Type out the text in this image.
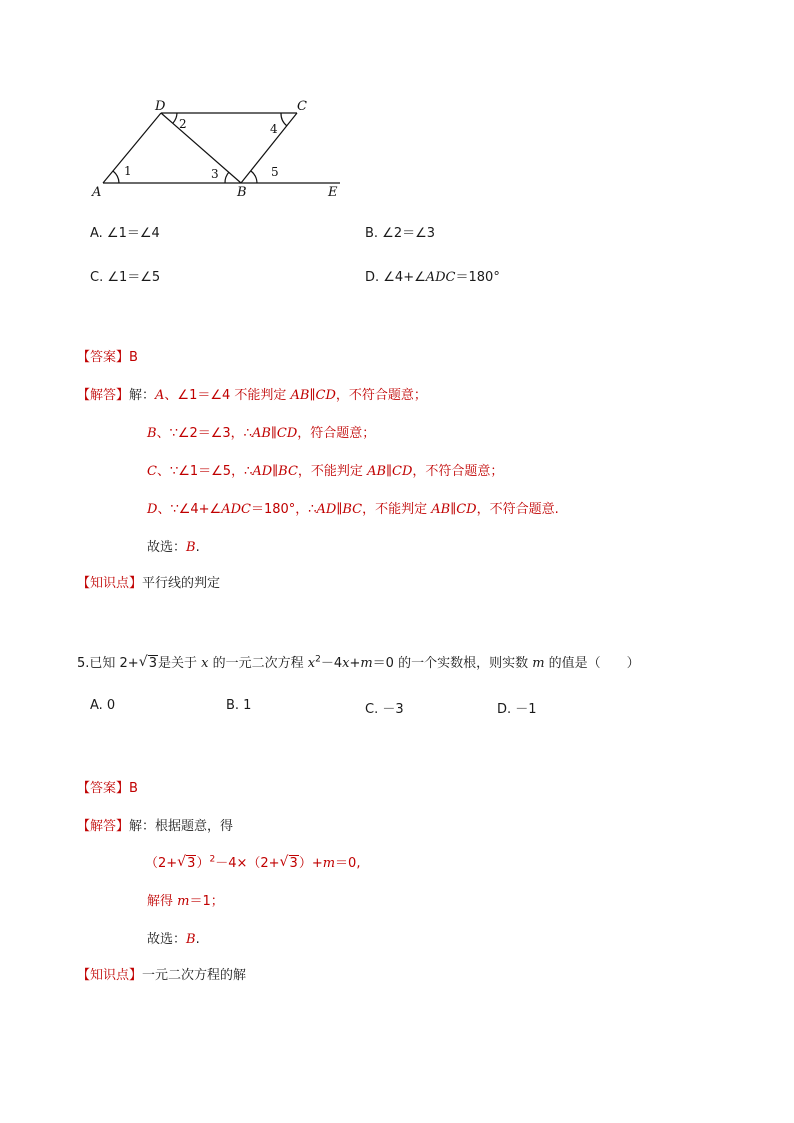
D	C
A	B	E
1
2
3
4
5
A. ∠1＝∠4	B. ∠2＝∠3
C. ∠1＝∠5	D. ∠4+∠ADC＝180°
【答案】B
【解答】解：A、∠1＝∠4 不能判定 AB∥CD，不符合题意；
B、∵∠2＝∠3，∴AB∥CD，符合题意；
C、∵∠1＝∠5，∴AD∥BC，不能判定 AB∥CD，不符合题意；
D、∵∠4+∠ADC＝180°，∴AD∥BC，不能判定 AB∥CD，不符合题意.
故选：B.
【知识点】平行线的判定
5.已知 2+ √ 3是关于 x 的一元二次方程 $x^2-4x+m=0$ 的一个实数根，则实数 m 的值是（　　）
A. 0	B. 1	C. －3	D. －1
【答案】B
【解答】解：根据题意，得
（2+ √ 3）$^2$－4×（2+ √ 3）+m＝0,
解得 m＝1；
故选：B.
【知识点】一元二次方程的解
